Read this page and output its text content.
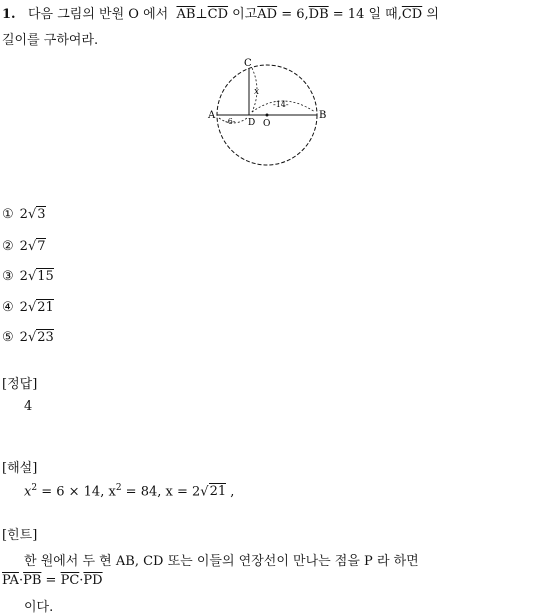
1. 다음 그림의 반원 O 에서 $\overline{AB}\perp\overline{CD}$ 이고$\overline{AD} = 6,\overline{DB} = 14$ 일 때$,\overline{CD}$ 의
길이를 구하여라.
C
A	B
D O
x
-6-
-14-
① 2√3
② 2√7
③ 2√15
④ 2√21
⑤ 2√23
[정답]
4
[해설]
$x^2 = 6 \times 14$, $x^2 = 84$, x = 2√21 ,
[힌트]
한 원에서 두 현 AB, CD 또는 이들의 연장선이 만나는 점을 P 라 하면
$\overline{PA}\cdot\overline{PB} = \overline{PC}\cdot\overline{PD}$
이다.
